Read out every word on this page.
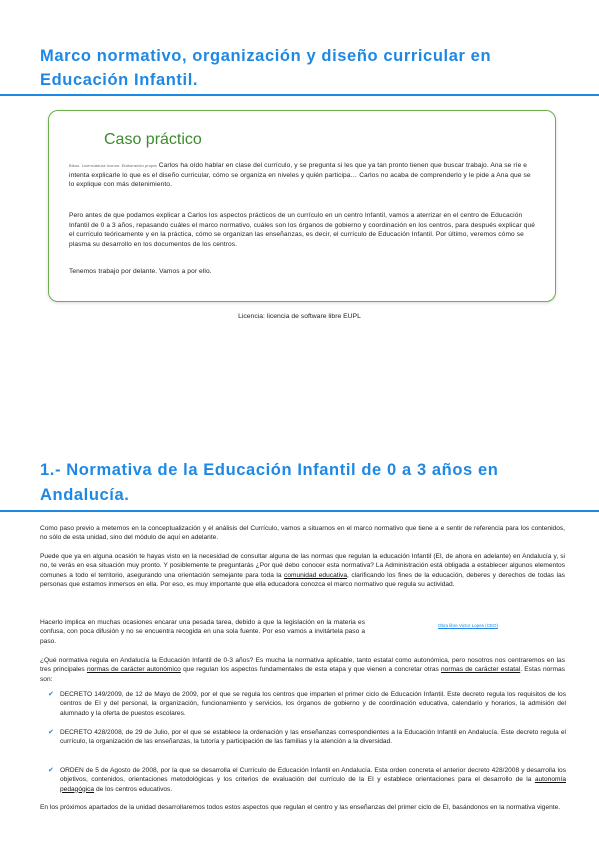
Marco normativo, organización y diseño curricular en Educación Infantil.
Caso práctico
Bikus. Licenciadura Iconos. Elaboración propia Carlos ha oído hablar en clase del currículo, y se pregunta si les que ya tan pronto tienen que buscar trabajo. Ana se ríe e intenta explicarle lo que es el diseño curricular, cómo se organiza en niveles y quién participa… Carlos no acaba de comprenderlo y le pide a Ana que se lo explique con más detenimiento.
Pero antes de que podamos explicar a Carlos los aspectos prácticos de un currículo en un centro Infantil, vamos a aterrizar en el centro de Educación Infantil de 0 a 3 años, repasando cuáles el marco normativo, cuáles son los órganos de gobierno y coordinación en los centros, para después explicar qué el currículo teóricamente y en la práctica, cómo se organizan las enseñanzas, es decir, el currículo de Educación Infantil. Por último, veremos cómo se plasma su desarrollo en los documentos de los centros.
Tenemos trabajo por delante. Vamos a por ello.
Licencia: licencia de software libre EUPL
1.- Normativa de la Educación Infantil de 0 a 3 años en Andalucía.
Como paso previo a meternos en la conceptualización y el análisis del Currículo, vamos a situarnos en el marco normativo que tiene a e sentir de referencia para los contenidos, no sólo de esta unidad, sino del módulo de aquí en adelante.
Puede que ya en alguna ocasión te hayas visto en la necesidad de consultar alguna de las normas que regulan la educación Infantil (EI, de ahora en adelante) en Andalucía y, si no, te verás en esa situación muy pronto. Y posiblemente te preguntarás ¿Por qué debo conocer esta normativa? La Administración está obligada a establecer algunos elementos comunes a todo el territorio, asegurando una orientación semejante para toda la comunidad educativa, clarificando los fines de la educación, deberes y derechos de todas las personas que estamos inmersos en ella. Por eso, es muy importante que ella educadora conozca el marco normativo que regula su actividad.
Hacerlo implica en muchas ocasiones encarar una pesada tarea, debido a que la legislación en la materia es confusa, con poca difusión y no se encuentra recogida en una sola fuente. Por eso vamos a invitártela paso a paso.
Obra libre Victor Lopes (CEO)
¿Qué normativa regula en Andalucía la Educación Infantil de 0-3 años? Es mucha la normativa aplicable, tanto estatal como autonómica, pero nosotros nos centraremos en las tres principales normas de carácter autonómico que regulan los aspectos fundamentales de esta etapa y que vienen a concretar otras normas de carácter estatal. Estas normas son:
✔ DECRETO 149/2009, de 12 de Mayo de 2009, por el que se regula los centros que imparten el primer ciclo de Educación Infantil. Este decreto regula los requisitos de los centros de EI y del personal, la organización, funcionamiento y servicios, los órganos de gobierno y de coordinación educativa, calendario y horarios, la admisión del alumnado y la oferta de puestos escolares.
✔ DECRETO 428/2008, de 29 de Julio, por el que se establece la ordenación y las enseñanzas correspondientes a la Educación Infantil en Andalucía. Este decreto regula el currículo, la organización de las enseñanzas, la tutoría y participación de las familias y la atención a la diversidad.
✔ ORDEN de 5 de Agosto de 2008, por la que se desarrolla el Currículo de Educación Infantil en Andalucía. Esta orden concreta el anterior decreto 428/2008 y desarrolla los objetivos, contenidos, orientaciones metodológicas y los criterios de evaluación del currículo de la EI y establece orientaciones para el desarrollo de la autonomía pedagógica de los centros educativos.
En los próximos apartados de la unidad desarrollaremos todos estos aspectos que regulan el centro y las enseñanzas del primer ciclo de EI, basándonos en la normativa vigente.
